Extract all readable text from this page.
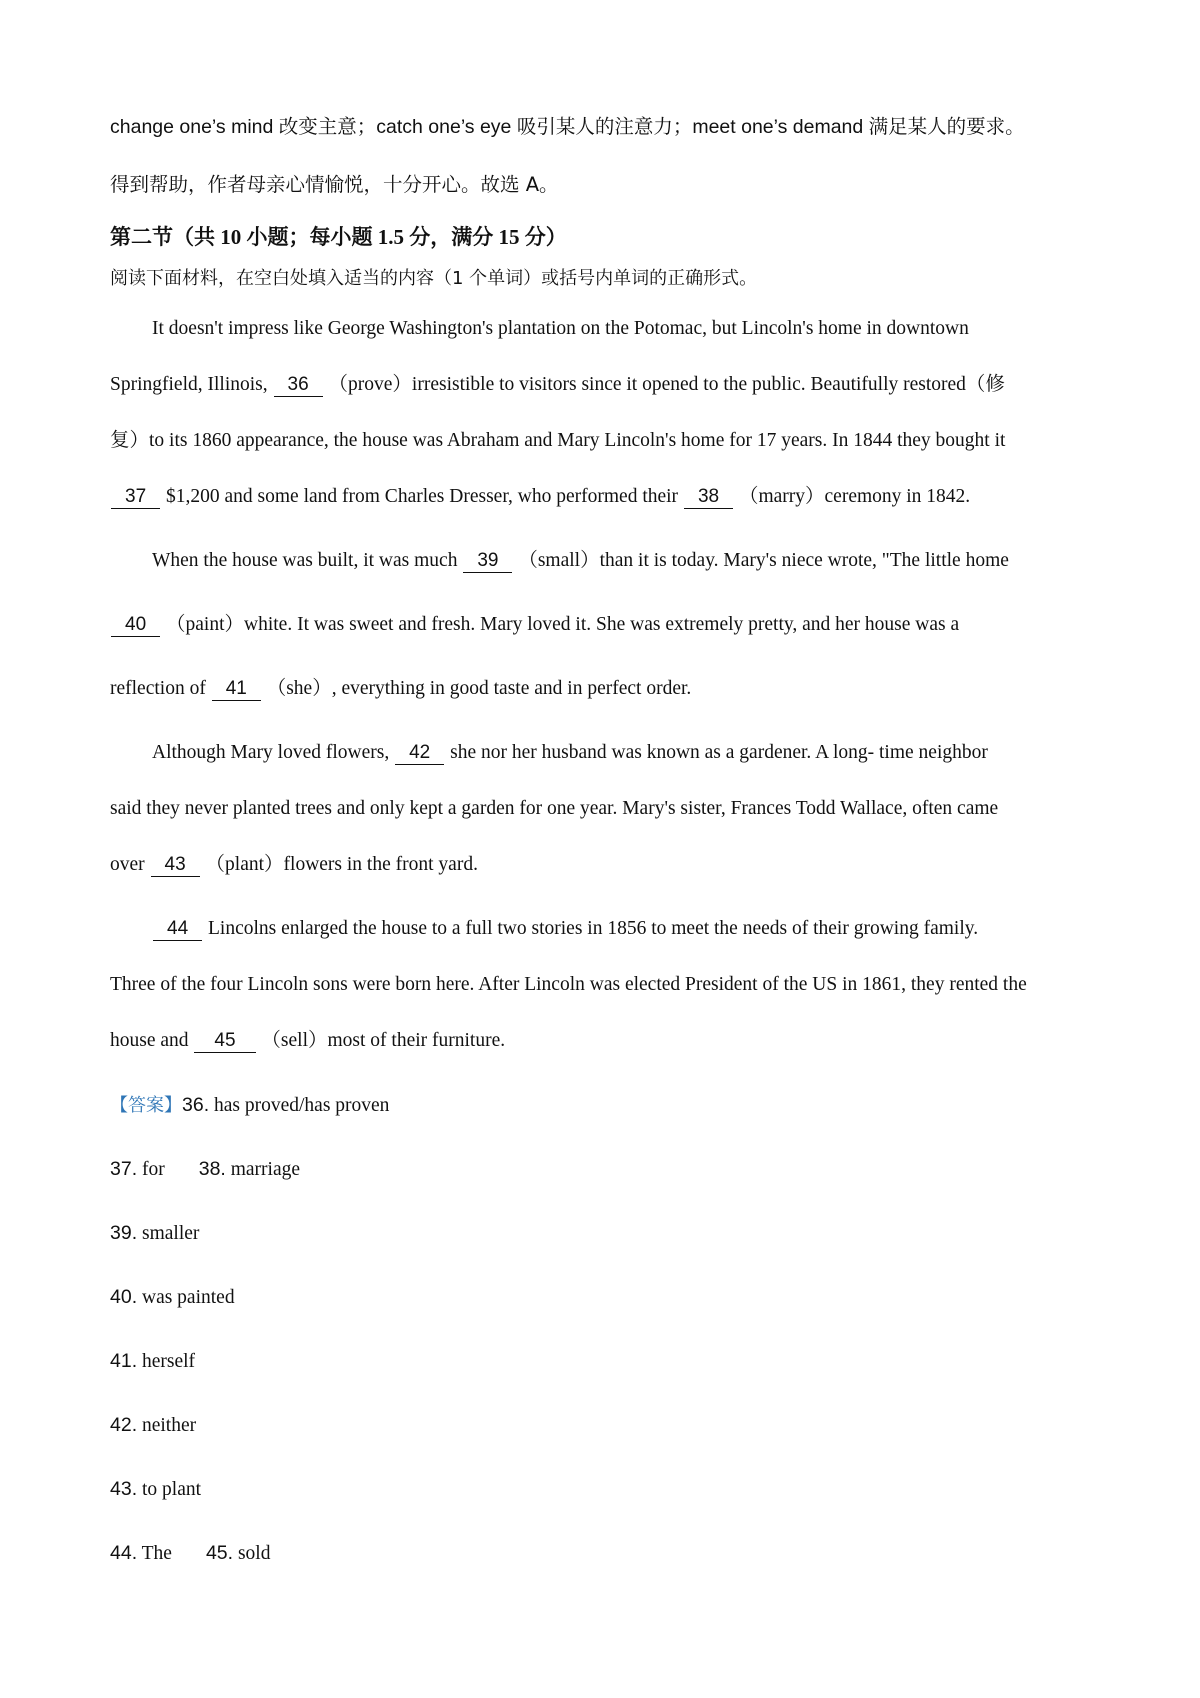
change one’s mind 改变主意；catch one’s eye 吸引某人的注意力；meet one’s demand 满足某人的要求。
得到帮助，作者母亲心情愉悦，十分开心。故选 A。
第二节（共 10 小题；每小题 1.5 分，满分 15 分）
阅读下面材料，在空白处填入适当的内容（1 个单词）或括号内单词的正确形式。
It doesn't impress like George Washington's plantation on the Potomac, but Lincoln's home in downtown
Springfield, Illinois, 36 （prove）irresistible to visitors since it opened to the public. Beautifully restored（修
复）to its 1860 appearance, the house was Abraham and Mary Lincoln's home for 17 years. In 1844 they bought it
37 $1,200 and some land from Charles Dresser, who performed their 38 （marry）ceremony in 1842.
When the house was built, it was much 39 （small）than it is today. Mary's niece wrote, "The little home
40 （paint）white. It was sweet and fresh. Mary loved it. She was extremely pretty, and her house was a
reflection of 41 （she）, everything in good taste and in perfect order.
Although Mary loved flowers, 42 she nor her husband was known as a gardener. A long- time neighbor
said they never planted trees and only kept a garden for one year. Mary's sister, Frances Todd Wallace, often came
over 43 （plant）flowers in the front yard.
44 Lincolns enlarged the house to a full two stories in 1856 to meet the needs of their growing family.
Three of the four Lincoln sons were born here. After Lincoln was elected President of the US in 1861, they rented the
house and 45 （sell）most of their furniture.
【答案】36. has proved/has proven
37. for 38. marriage
39. smaller
40. was painted
41. herself
42. neither
43. to plant
44. The 45. sold
